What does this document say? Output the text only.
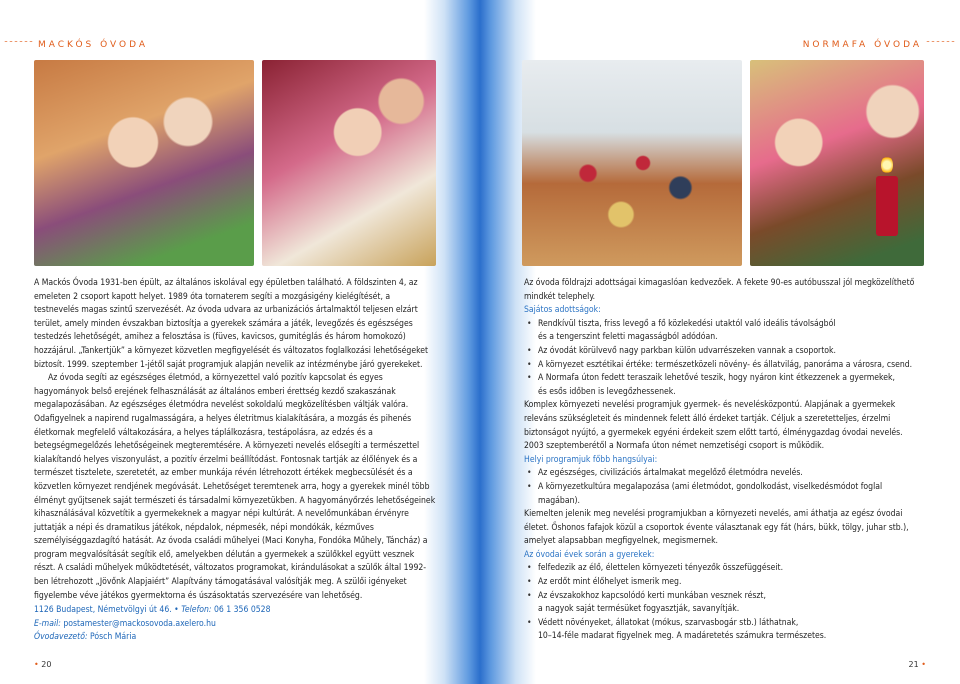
˜˜˜˜˜˜ MACKÓS ÓVODA

A Mackós Óvoda 1931-ben épült, az általános iskolával egy épületben található. A földszinten 4, az emeleten 2 csoport kapott helyet. 1989 óta tornaterem segíti a mozgásigény kielégítését, a testnevelés magas szintű szervezését. Az óvoda udvara az urbanizációs ártalmaktól teljesen elzárt terület, amely minden évszakban biztosítja a gyerekek számára a játék, levegőzés és egészséges testedzés lehetőségét, amihez a felosztása is (füves, kavicsos, gumitéglás és három homokozó) hozzájárul. „Tankertjük” a környezet közvetlen megfigyelését és változatos foglalkozási lehetőségeket biztosít. 1999. szeptember 1-jétől saját programjuk alapján nevelik az intézménybe járó gyerekeket.

Az óvoda segíti az egészséges életmód, a környezettel való pozitív kapcsolat és egyes hagyományok belső erejének felhasználását az általános emberi érettség kezdő szakaszának megalapozásában. Az egészséges életmódra nevelést sokoldalú megközelítésben váltják valóra. Odafigyelnek a napirend rugalmasságára, a helyes életritmus kialakítására, a mozgás és pihenés életkornak megfelelő váltakozására, a helyes táplálkozásra, testápolásra, az edzés és a betegségmegelőzés lehetőségeinek megteremtésére. A környezeti nevelés elősegíti a természettel kialakítandó helyes viszonyulást, a pozitív érzelmi beállítódást. Fontosnak tartják az élőlények és a természet tisztelete, szeretetét, az ember munkája révén létrehozott értékek megbecsülését és a közvetlen környezet rendjének megóvását. Lehetőséget teremtenek arra, hogy a gyerekek minél több élményt gyűjtsenek saját természeti és társadalmi környezetükben. A hagyományőrzés lehetőségeinek kihasználásával közvetítik a gyermekeknek a magyar népi kultúrát. A nevelőmunkában érvényre juttatják a népi és dramatikus játékok, népdalok, népmesék, népi mondókák, kézműves személyiséggazdagító hatását. Az óvoda családi műhelyei (Maci Konyha, Fondóka Műhely, Táncház) a program megvalósítását segítik elő, amelyekben délután a gyermekek a szülőkkel együtt vesznek részt. A családi műhelyek működtetését, változatos programokat, kirándulásokat a szülők által 1992-ben létrehozott „Jövőnk Alapjaiért” Alapítvány támogatásával valósítják meg. A szülői igényeket figyelembe véve játékos gyermektorna és úszásoktatás szervezésére van lehetőség.

1126 Budapest, Németvölgyi út 46. • Telefon: 06 1 356 0528
E-mail: postamester@mackosovoda.axelero.hu
Óvodavezető: Pósch Mária
• 20
NORMAFA ÓVODA ˜˜˜˜˜˜

Az óvoda földrajzi adottságai kimagaslóan kedvezőek. A fekete 90-es autóbusszal jól megközelíthető mindkét telephely.

Sajátos adottságok:

• Rendkívül tiszta, friss levegő a fő közlekedési utaktól való ideális távolságból
és a tengerszint feletti magasságból adódóan.
• Az óvodát körülvevő nagy parkban külön udvarrészeken vannak a csoportok.
• A környezet esztétikai értéke: természetközeli növény- és állatvilág, panoráma a városra, csend.
• A Normafa úton fedett teraszaik lehetővé teszik, hogy nyáron kint étkezzenek a gyermekek,
és esős időben is levegőzhessenek.

Komplex környezeti nevelési programjuk gyermek- és nevelésközpontú. Alapjának a gyermekek releváns szükségleteit és mindennek felett álló érdeket tartják. Céljuk a szeretetteljes, érzelmi biztonságot nyújtó, a gyermekek egyéni érdekeit szem előtt tartó, élménygazdag óvodai nevelés.

2003 szeptemberétől a Normafa úton német nemzetiségi csoport is működik.

Helyi programjuk főbb hangsúlyai:

• Az egészséges, civilizációs ártalmakat megelőző életmódra nevelés.
• A környezetkultúra megalapozása (ami életmódot, gondolkodást, viselkedésmódot foglal magában).

Kiemelten jelenik meg nevelési programjukban a környezeti nevelés, ami áthatja az egész óvodai életet. Őshonos fafajok közül a csoportok évente választanak egy fát (hárs, bükk, tölgy, juhar stb.), amelyet alapsabban megfigyelnek, megismernek.

Az óvodai évek során a gyerekek:

• felfedezik az élő, élettelen környezeti tényezők összefüggéseit.
• Az erdőt mint élőhelyet ismerik meg.
• Az évszakokhoz kapcsolódó kerti munkában vesznek részt,
a nagyok saját termésüket fogyasztják, savanyítják.
• Védett növényeket, állatokat (mókus, szarvasbogár stb.) láthatnak,
10–14-féle madarat figyelnek meg. A madáretetés számukra természetes.
21 •
